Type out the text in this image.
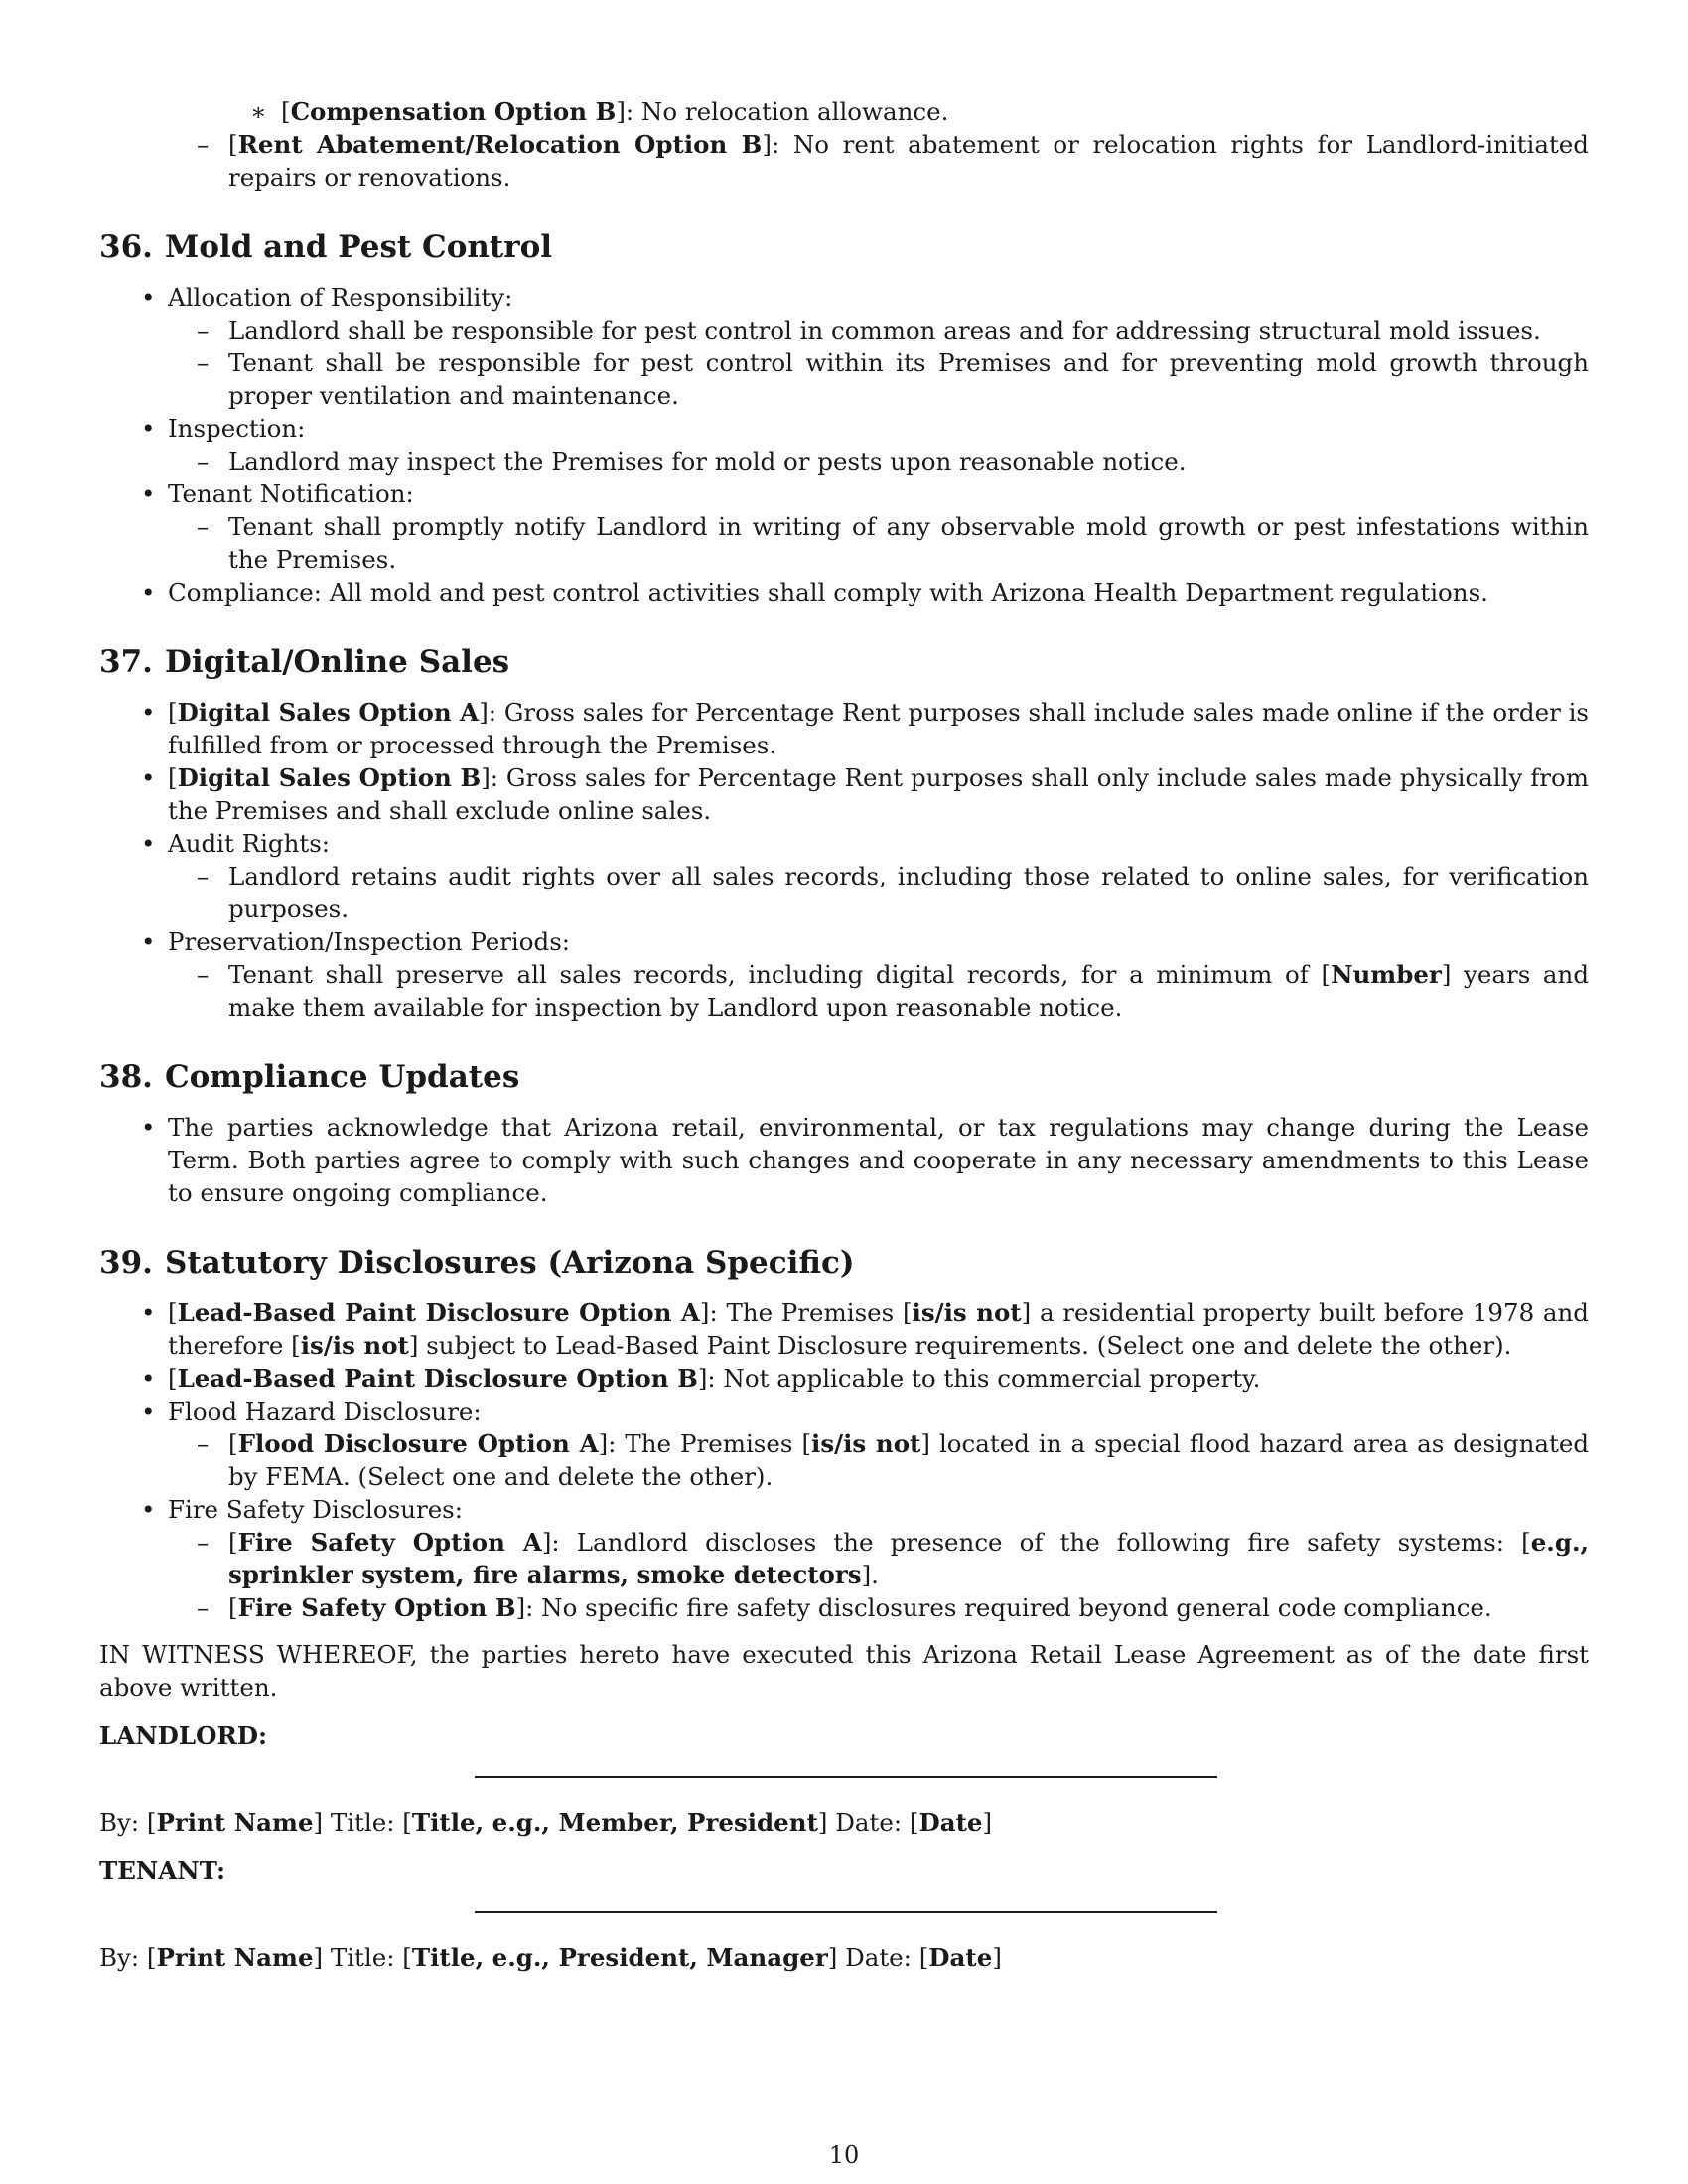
∗ [Compensation Option B]: No relocation allowance.
– [Rent Abatement/Relocation Option B]: No rent abatement or relocation rights for Landlord-initiated repairs or renovations.
36. Mold and Pest Control
• Allocation of Responsibility:
– Landlord shall be responsible for pest control in common areas and for addressing structural mold issues.
– Tenant shall be responsible for pest control within its Premises and for preventing mold growth through proper ventilation and maintenance.
• Inspection:
– Landlord may inspect the Premises for mold or pests upon reasonable notice.
• Tenant Notification:
– Tenant shall promptly notify Landlord in writing of any observable mold growth or pest infestations within the Premises.
• Compliance: All mold and pest control activities shall comply with Arizona Health Department regulations.
37. Digital/Online Sales
• [Digital Sales Option A]: Gross sales for Percentage Rent purposes shall include sales made online if the order is fulfilled from or processed through the Premises.
• [Digital Sales Option B]: Gross sales for Percentage Rent purposes shall only include sales made physically from the Premises and shall exclude online sales.
• Audit Rights:
– Landlord retains audit rights over all sales records, including those related to online sales, for verification purposes.
• Preservation/Inspection Periods:
– Tenant shall preserve all sales records, including digital records, for a minimum of [Number] years and make them available for inspection by Landlord upon reasonable notice.
38. Compliance Updates
• The parties acknowledge that Arizona retail, environmental, or tax regulations may change during the Lease Term. Both parties agree to comply with such changes and cooperate in any necessary amendments to this Lease to ensure ongoing compliance.
39. Statutory Disclosures (Arizona Specific)
• [Lead-Based Paint Disclosure Option A]: The Premises [is/is not] a residential property built before 1978 and therefore [is/is not] subject to Lead-Based Paint Disclosure requirements. (Select one and delete the other).
• [Lead-Based Paint Disclosure Option B]: Not applicable to this commercial property.
• Flood Hazard Disclosure:
– [Flood Disclosure Option A]: The Premises [is/is not] located in a special flood hazard area as designated by FEMA. (Select one and delete the other).
• Fire Safety Disclosures:
– [Fire Safety Option A]: Landlord discloses the presence of the following fire safety systems: [e.g., sprinkler system, fire alarms, smoke detectors].
– [Fire Safety Option B]: No specific fire safety disclosures required beyond general code compliance.

IN WITNESS WHEREOF, the parties hereto have executed this Arizona Retail Lease Agreement as of the date first above written.

LANDLORD:
By: [Print Name] Title: [Title, e.g., Member, President] Date: [Date]
TENANT:
By: [Print Name] Title: [Title, e.g., President, Manager] Date: [Date]
10
